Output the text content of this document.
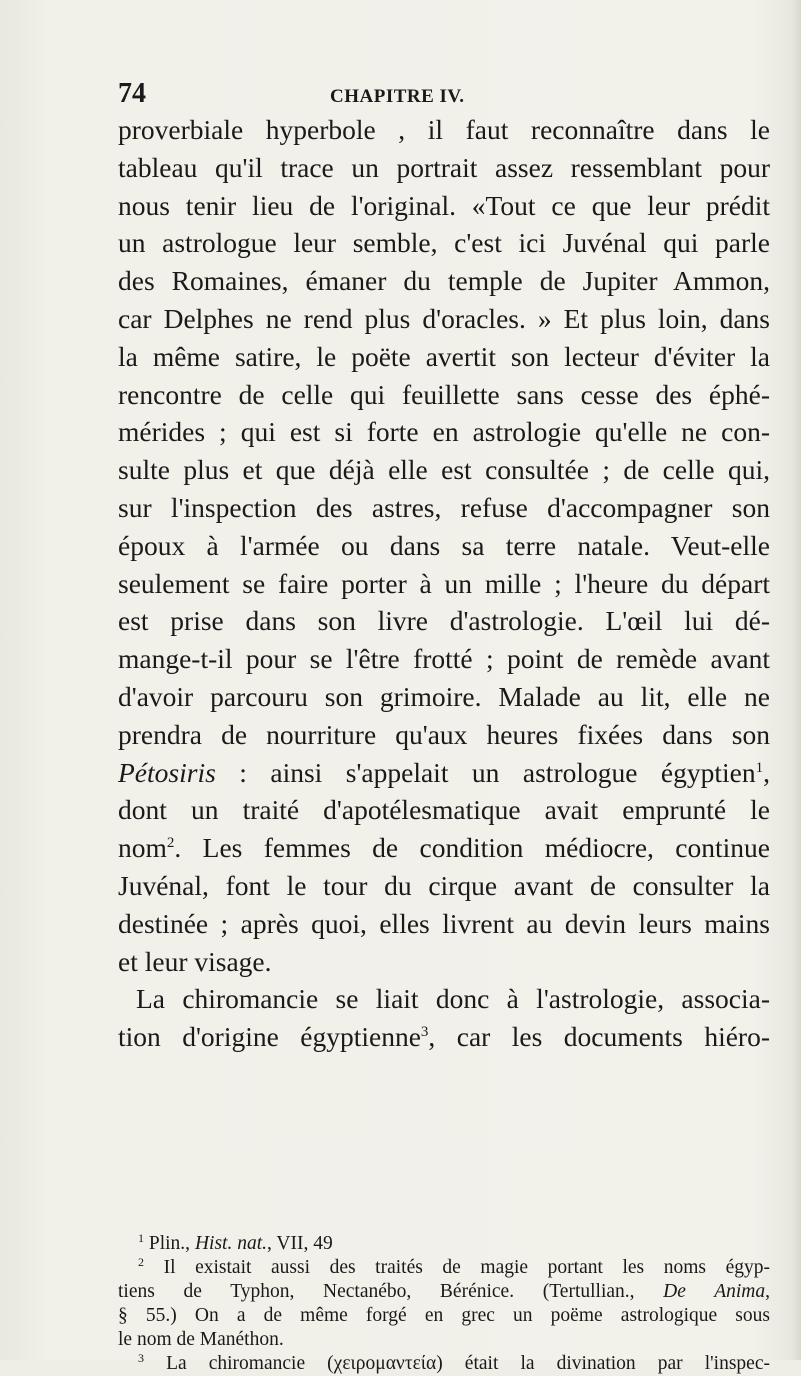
74	CHAPITRE IV.
proverbiale hyperbole , il faut reconnaître dans le
tableau qu'il trace un portrait assez ressemblant pour
nous tenir lieu de l'original. «Tout ce que leur prédit
un astrologue leur semble, c'est ici Juvénal qui parle
des Romaines, émaner du temple de Jupiter Ammon,
car Delphes ne rend plus d'oracles. » Et plus loin, dans
la même satire, le poëte avertit son lecteur d'éviter la
rencontre de celle qui feuillette sans cesse des éphé-
mérides ; qui est si forte en astrologie qu'elle ne con-
sulte plus et que déjà elle est consultée ; de celle qui,
sur l'inspection des astres, refuse d'accompagner son
époux à l'armée ou dans sa terre natale. Veut-elle
seulement se faire porter à un mille ; l'heure du départ
est prise dans son livre d'astrologie. L'œil lui dé-
mange-t-il pour se l'être frotté ; point de remède avant
d'avoir parcouru son grimoire. Malade au lit, elle ne
prendra de nourriture qu'aux heures fixées dans son
Pétosiris : ainsi s'appelait un astrologue égyptien$^1$,
dont un traité d'apotélesmatique avait emprunté le
nom$^2$. Les femmes de condition médiocre, continue
Juvénal, font le tour du cirque avant de consulter la
destinée ; après quoi, elles livrent au devin leurs mains
et leur visage.
La chiromancie se liait donc à l'astrologie, associa-
tion d'origine égyptienne$^3$, car les documents hiéro-
$^1$ Plin., Hist. nat., VII, 49
$^2$ Il existait aussi des traités de magie portant les noms égyp-
tiens de Typhon, Nectanébo, Bérénice. (Tertullian., De Anima,
§ 55.) On a de même forgé en grec un poëme astrologique sous
le nom de Manéthon.
$^3$ La chiromancie (χειρομαντεία) était la divination par l'inspec-
